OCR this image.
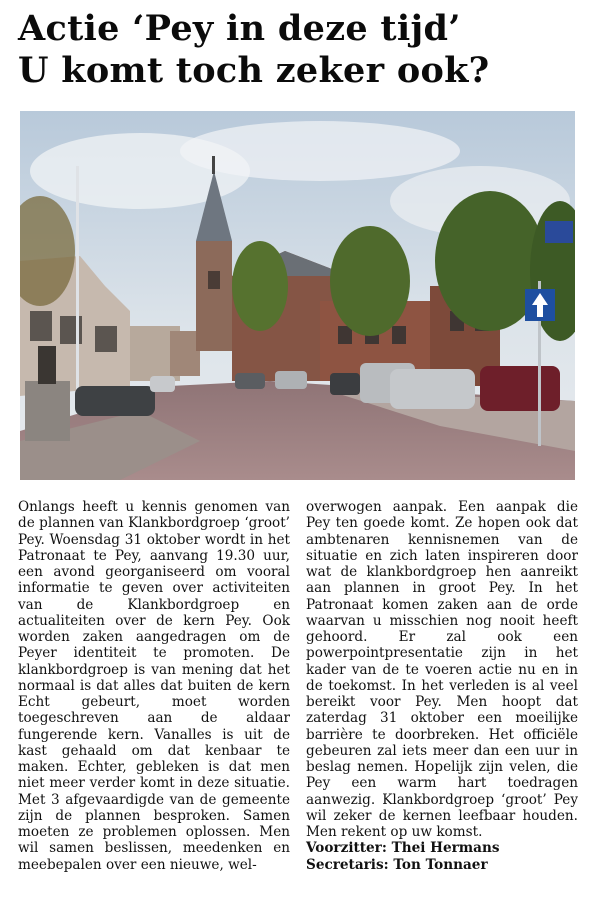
Actie ‘Pey in deze tijd’
U komt toch zeker ook?

Onlangs heeft u kennis genomen van de plannen van Klankbordgroep ‘groot’ Pey. Woensdag 31 oktober wordt in het Patronaat te Pey, aanvang 19.30 uur, een avond georganiseerd om vooral informatie te geven over activiteiten van de Klankbordgroep en actualiteiten over de kern Pey. Ook worden zaken aangedragen om de Peyer identiteit te promoten. De klankbordgroep is van mening dat het normaal is dat alles dat buiten de kern Echt gebeurt, moet worden toegeschreven aan de aldaar fungerende kern. Vanalles is uit de kast gehaald om dat kenbaar te maken. Echter, gebleken is dat men niet meer verder komt in deze situatie. Met 3 afgevaardigde van de gemeente zijn de plannen besproken. Samen moeten ze problemen oplossen. Men wil samen beslissen, meedenken en meebepalen over een nieuwe, wel-

overwogen aanpak. Een aanpak die Pey ten goede komt. Ze hopen ook dat ambtenaren kennisnemen van de situatie en zich laten inspireren door wat de klankbordgroep hen aanreikt aan plannen in groot Pey. In het Patronaat komen zaken aan de orde waarvan u misschien nog nooit heeft gehoord. Er zal ook een powerpointpresentatie zijn in het kader van de te voeren actie nu en in de toekomst. In het verleden is al veel bereikt voor Pey. Men hoopt dat zaterdag 31 oktober een moeilijke barrière te doorbreken. Het officiële gebeuren zal iets meer dan een uur in beslag nemen. Hopelijk zijn velen, die Pey een warm hart toedragen aanwezig. Klankbordgroep ‘groot’ Pey wil zeker de kernen leefbaar houden. Men rekent op uw komst.

Voorzitter: Thei Hermans

Secretaris: Ton Tonnaer
